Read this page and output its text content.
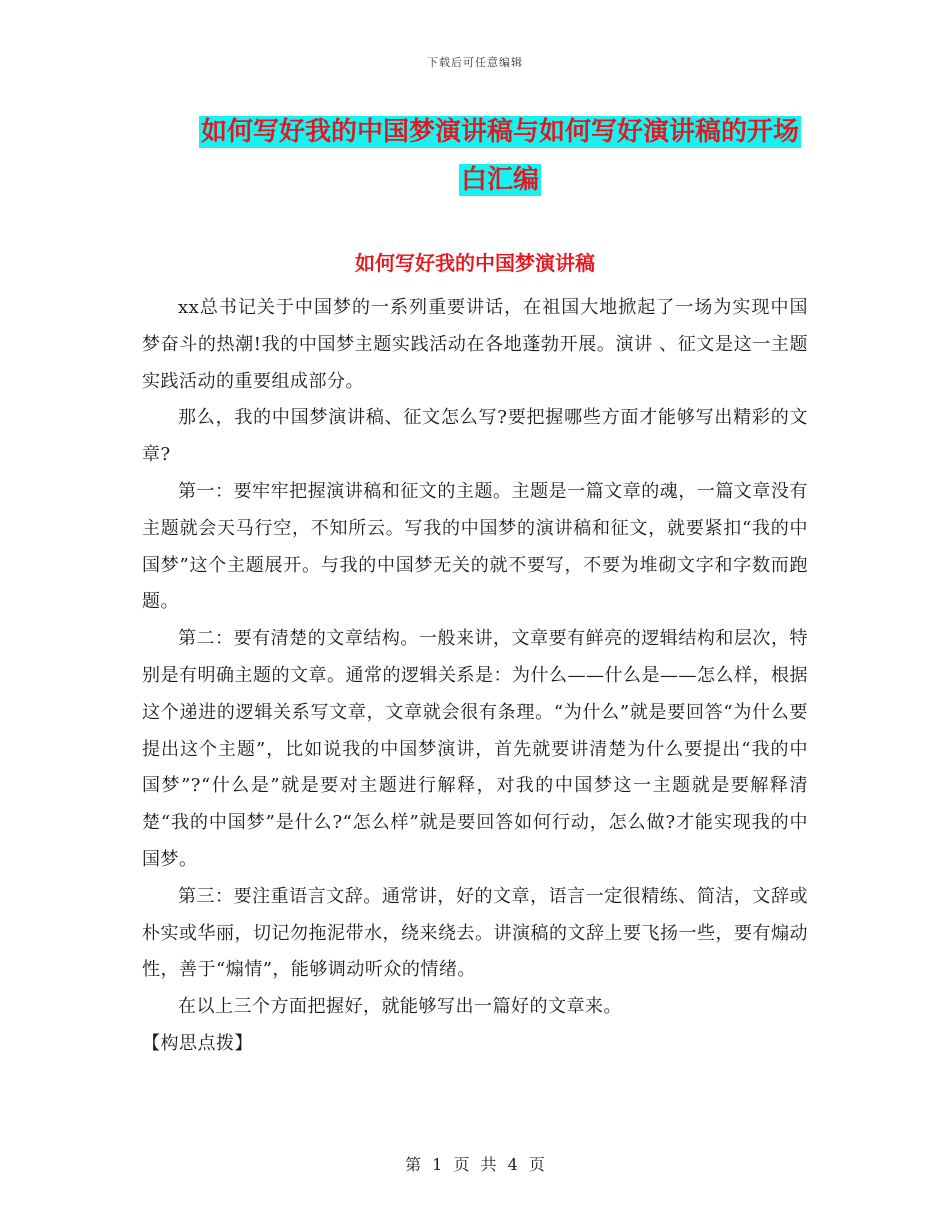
下载后可任意编辑
如何写好我的中国梦演讲稿与如何写好演讲稿的开场
白汇编
如何写好我的中国梦演讲稿

xx总书记关于中国梦的一系列重要讲话，在祖国大地掀起了一场为实现中国梦奋斗的热潮!我的中国梦主题实践活动在各地蓬勃开展。演讲 、征文是这一主题实践活动的重要组成部分。

那么，我的中国梦演讲稿、征文怎么写?要把握哪些方面才能够写出精彩的文章?

第一：要牢牢把握演讲稿和征文的主题。主题是一篇文章的魂，一篇文章没有主题就会天马行空，不知所云。写我的中国梦的演讲稿和征文，就要紧扣“我的中国梦”这个主题展开。与我的中国梦无关的就不要写，不要为堆砌文字和字数而跑题。

第二：要有清楚的文章结构。一般来讲，文章要有鲜亮的逻辑结构和层次，特别是有明确主题的文章。通常的逻辑关系是：为什么——什么是——怎么样，根据这个递进的逻辑关系写文章，文章就会很有条理。“为什么”就是要回答“为什么要提出这个主题”，比如说我的中国梦演讲，首先就要讲清楚为什么要提出“我的中国梦”?“什么是”就是要对主题进行解释，对我的中国梦这一主题就是要解释清楚“我的中国梦”是什么?“怎么样”就是要回答如何行动，怎么做?才能实现我的中国梦。

第三：要注重语言文辞。通常讲，好的文章，语言一定很精练、简洁，文辞或朴实或华丽，切记勿拖泥带水，绕来绕去。讲演稿的文辞上要飞扬一些，要有煽动性，善于“煽情”，能够调动听众的情绪。

在以上三个方面把握好，就能够写出一篇好的文章来。

【构思点拨】

第 1 页 共 4 页
